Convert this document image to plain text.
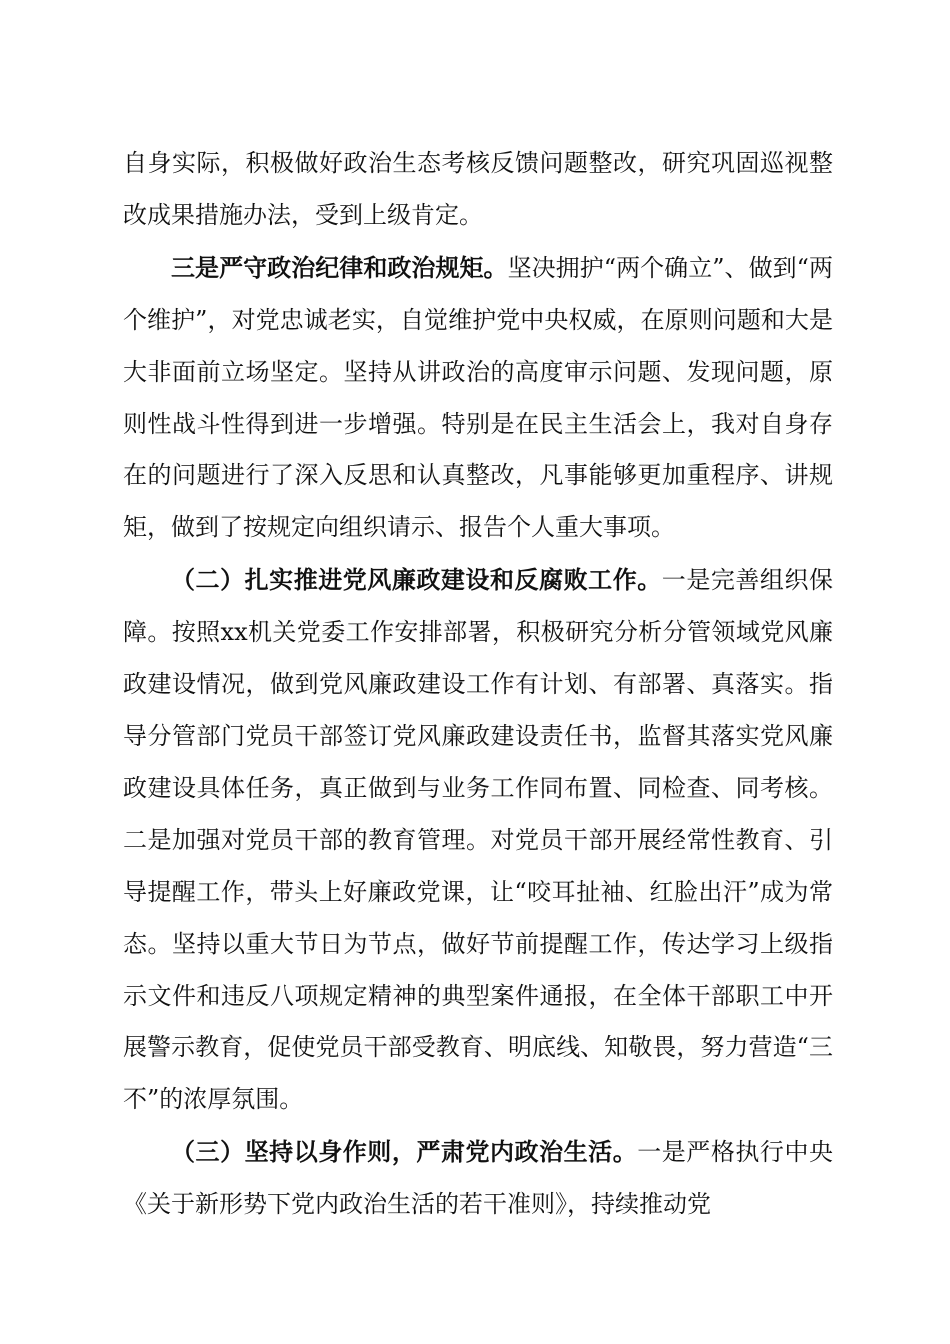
自身实际，积极做好政治生态考核反馈问题整改，研究巩固巡视整改成果措施办法，受到上级肯定。

三是严守政治纪律和政治规矩。坚决拥护“两个确立”、做到“两个维护”，对党忠诚老实，自觉维护党中央权威，在原则问题和大是大非面前立场坚定。坚持从讲政治的高度审示问题、发现问题，原则性战斗性得到进一步增强。特别是在民主生活会上，我对自身存在的问题进行了深入反思和认真整改，凡事能够更加重程序、讲规矩，做到了按规定向组织请示、报告个人重大事项。

（二）扎实推进党风廉政建设和反腐败工作。一是完善组织保障。按照xx机关党委工作安排部署，积极研究分析分管领域党风廉政建设情况，做到党风廉政建设工作有计划、有部署、真落实。指导分管部门党员干部签订党风廉政建设责任书，监督其落实党风廉政建设具体任务，真正做到与业务工作同布置、同检查、同考核。二是加强对党员干部的教育管理。对党员干部开展经常性教育、引导提醒工作，带头上好廉政党课，让“咬耳扯袖、红脸出汗”成为常态。坚持以重大节日为节点，做好节前提醒工作，传达学习上级指示文件和违反八项规定精神的典型案件通报，在全体干部职工中开展警示教育，促使党员干部受教育、明底线、知敬畏，努力营造“三不”的浓厚氛围。

（三）坚持以身作则，严肃党内政治生活。一是严格执行中央《关于新形势下党内政治生活的若干准则》，持续推动党
